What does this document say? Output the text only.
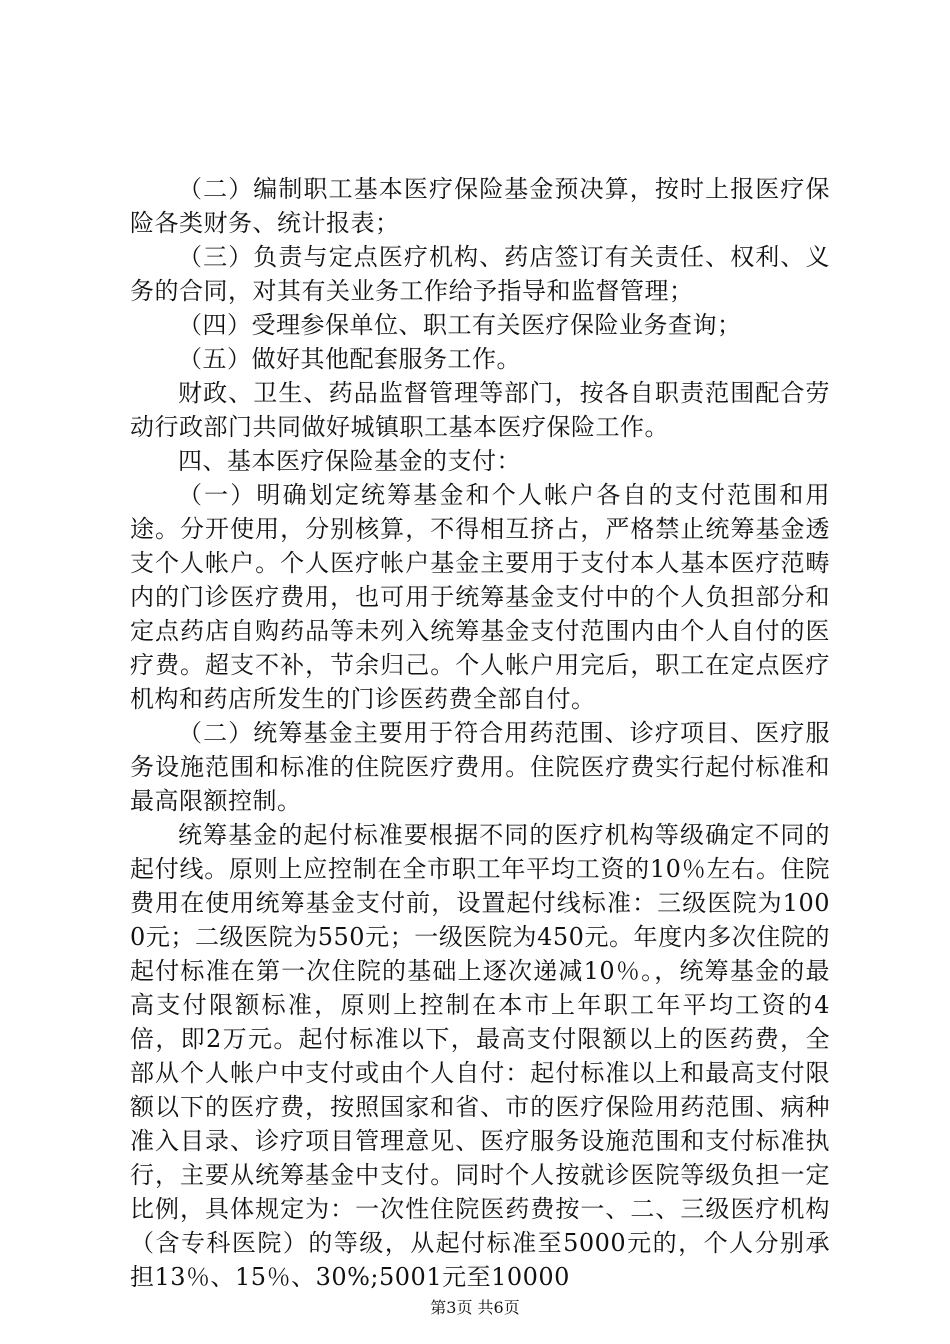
（二）编制职工基本医疗保险基金预决算，按时上报医疗保险各类财务、统计报表；

（三）负责与定点医疗机构、药店签订有关责任、权利、义务的合同，对其有关业务工作给予指导和监督管理；

（四）受理参保单位、职工有关医疗保险业务查询；

（五）做好其他配套服务工作。

财政、卫生、药品监督管理等部门，按各自职责范围配合劳动行政部门共同做好城镇职工基本医疗保险工作。

四、基本医疗保险基金的支付：

（一）明确划定统筹基金和个人帐户各自的支付范围和用途。分开使用，分别核算，不得相互挤占，严格禁止统筹基金透支个人帐户。个人医疗帐户基金主要用于支付本人基本医疗范畴内的门诊医疗费用，也可用于统筹基金支付中的个人负担部分和定点药店自购药品等未列入统筹基金支付范围内由个人自付的医疗费。超支不补，节余归己。个人帐户用完后，职工在定点医疗机构和药店所发生的门诊医药费全部自付。

（二）统筹基金主要用于符合用药范围、诊疗项目、医疗服务设施范围和标准的住院医疗费用。住院医疗费实行起付标准和最高限额控制。

统筹基金的起付标准要根据不同的医疗机构等级确定不同的起付线。原则上应控制在全市职工年平均工资的10％左右。住院费用在使用统筹基金支付前，设置起付线标准：三级医院为1000元；二级医院为550元；一级医院为450元。年度内多次住院的起付标准在第一次住院的基础上逐次递减10％。，统筹基金的最高支付限额标准，原则上控制在本市上年职工年平均工资的4倍，即2万元。起付标准以下，最高支付限额以上的医药费，全部从个人帐户中支付或由个人自付：起付标准以上和最高支付限额以下的医疗费，按照国家和省、市的医疗保险用药范围、病种准入目录、诊疗项目管理意见、医疗服务设施范围和支付标准执行，主要从统筹基金中支付。同时个人按就诊医院等级负担一定比例，具体规定为：一次性住院医药费按一、二、三级医疗机构（含专科医院）的等级，从起付标准至5000元的，个人分别承担13％、15％、30%;5001元至10000

第3页 共6页
